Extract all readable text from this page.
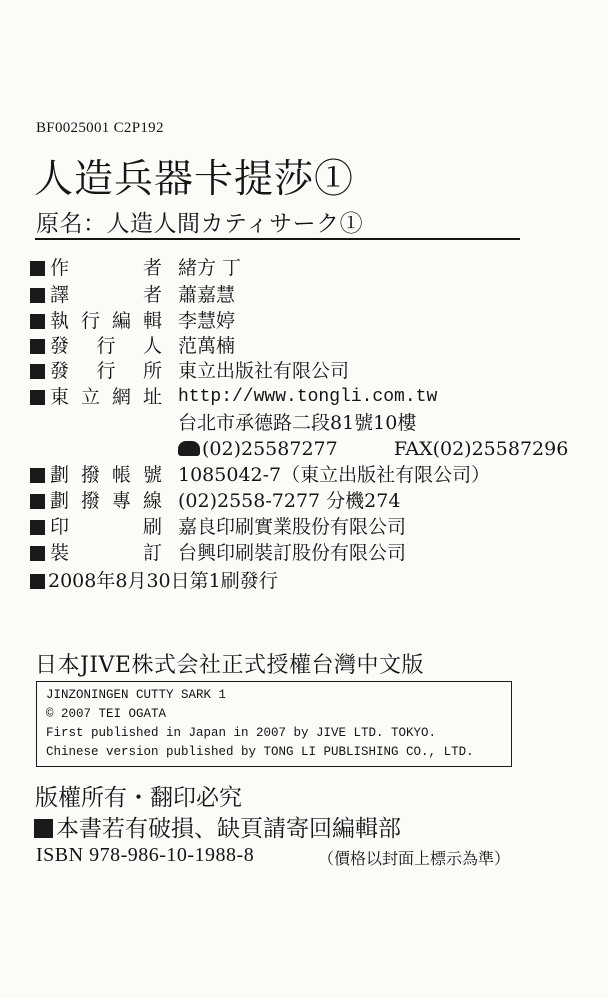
BF0025001 C2P192
人造兵器卡提莎①
原名：人造人間カティサーク①
作	者 緒方 丁
譯	者 蕭嘉慧
執 行 編 輯 李慧婷
發 行 人 范萬楠
發 行 所 東立出版社有限公司
東 立 網 址 http://www.tongli.com.tw
台北市承德路二段81號10樓
(02)25587277	FAX(02)25587296
劃 撥 帳 號 1085042-7（東立出版社有限公司）
劃 撥 專 線 (02)2558-7277 分機274
印	刷 嘉良印刷實業股份有限公司
裝	訂 台興印刷裝訂股份有限公司
2008年8月30日第1刷發行
日本JIVE株式会社正式授權台灣中文版
JINZONINGEN CUTTY SARK 1
© 2007 TEI OGATA
First published in Japan in 2007 by JIVE LTD. TOKYO.
Chinese version published by TONG LI PUBLISHING CO., LTD.
版權所有・翻印必究
本書若有破損、缺頁請寄回編輯部
ISBN 978-986-10-1988-8	（價格以封面上標示為準）
